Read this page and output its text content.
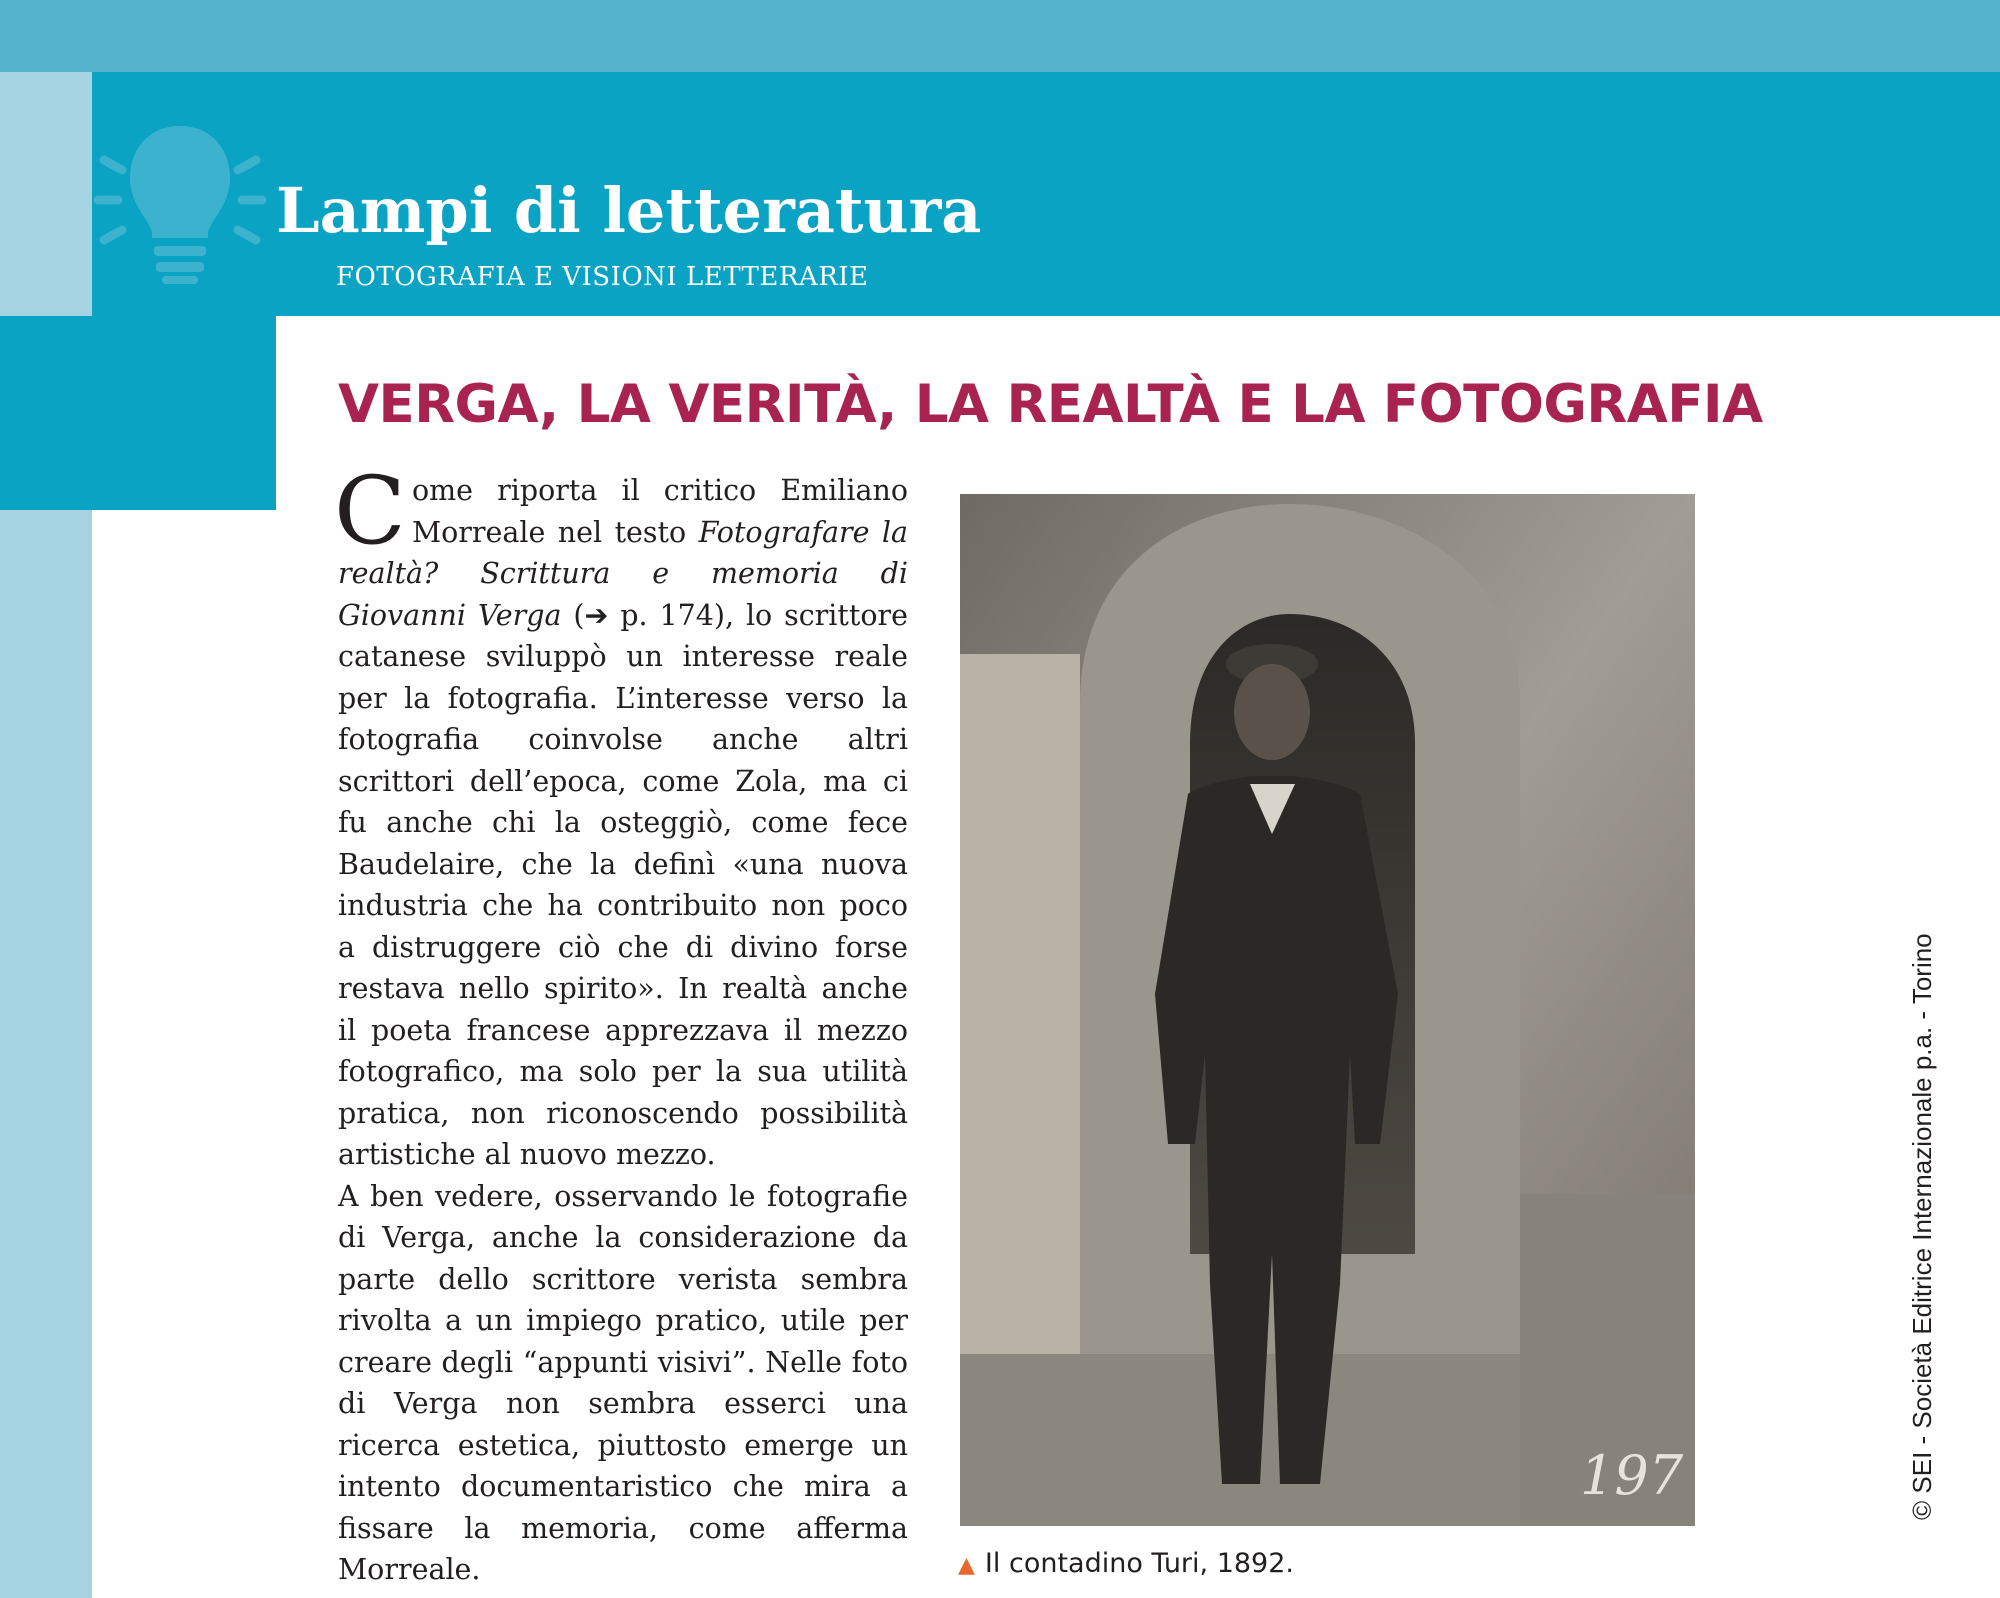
Lampi di letteratura
FOTOGRAFIA E VISIONI LETTERARIE
VERGA, LA VERITÀ, LA REALTÀ E LA FOTOGRAFIA

Come riporta il critico Emiliano Morreale nel testo Fotografare la realtà? Scrittura e memoria di Giovanni Verga (➔ p. 174), lo scrittore catanese sviluppò un interesse reale per la fotografia. L’interesse verso la fotografia coinvolse anche altri scrittori dell’epoca, come Zola, ma ci fu anche chi la osteggiò, come fece Baudelaire, che la definì «una nuova industria che ha contribuito non poco a distruggere ciò che di divino forse restava nello spirito». In realtà anche il poeta francese apprezzava il mezzo fotografico, ma solo per la sua utilità pratica, non riconoscendo possibilità artistiche al nuovo mezzo.

A ben vedere, osservando le fotografie di Verga, anche la considerazione da parte dello scrittore verista sembra rivolta a un impiego pratico, utile per creare degli “appunti visivi”. Nelle foto di Verga non sembra esserci una ricerca estetica, piuttosto emerge un intento documentaristico che mira a fissare la memoria, come afferma Morreale.

197
▲ Il contadino Turi, 1892.
© SEI - Società Editrice Internazionale p.a. - Torino
